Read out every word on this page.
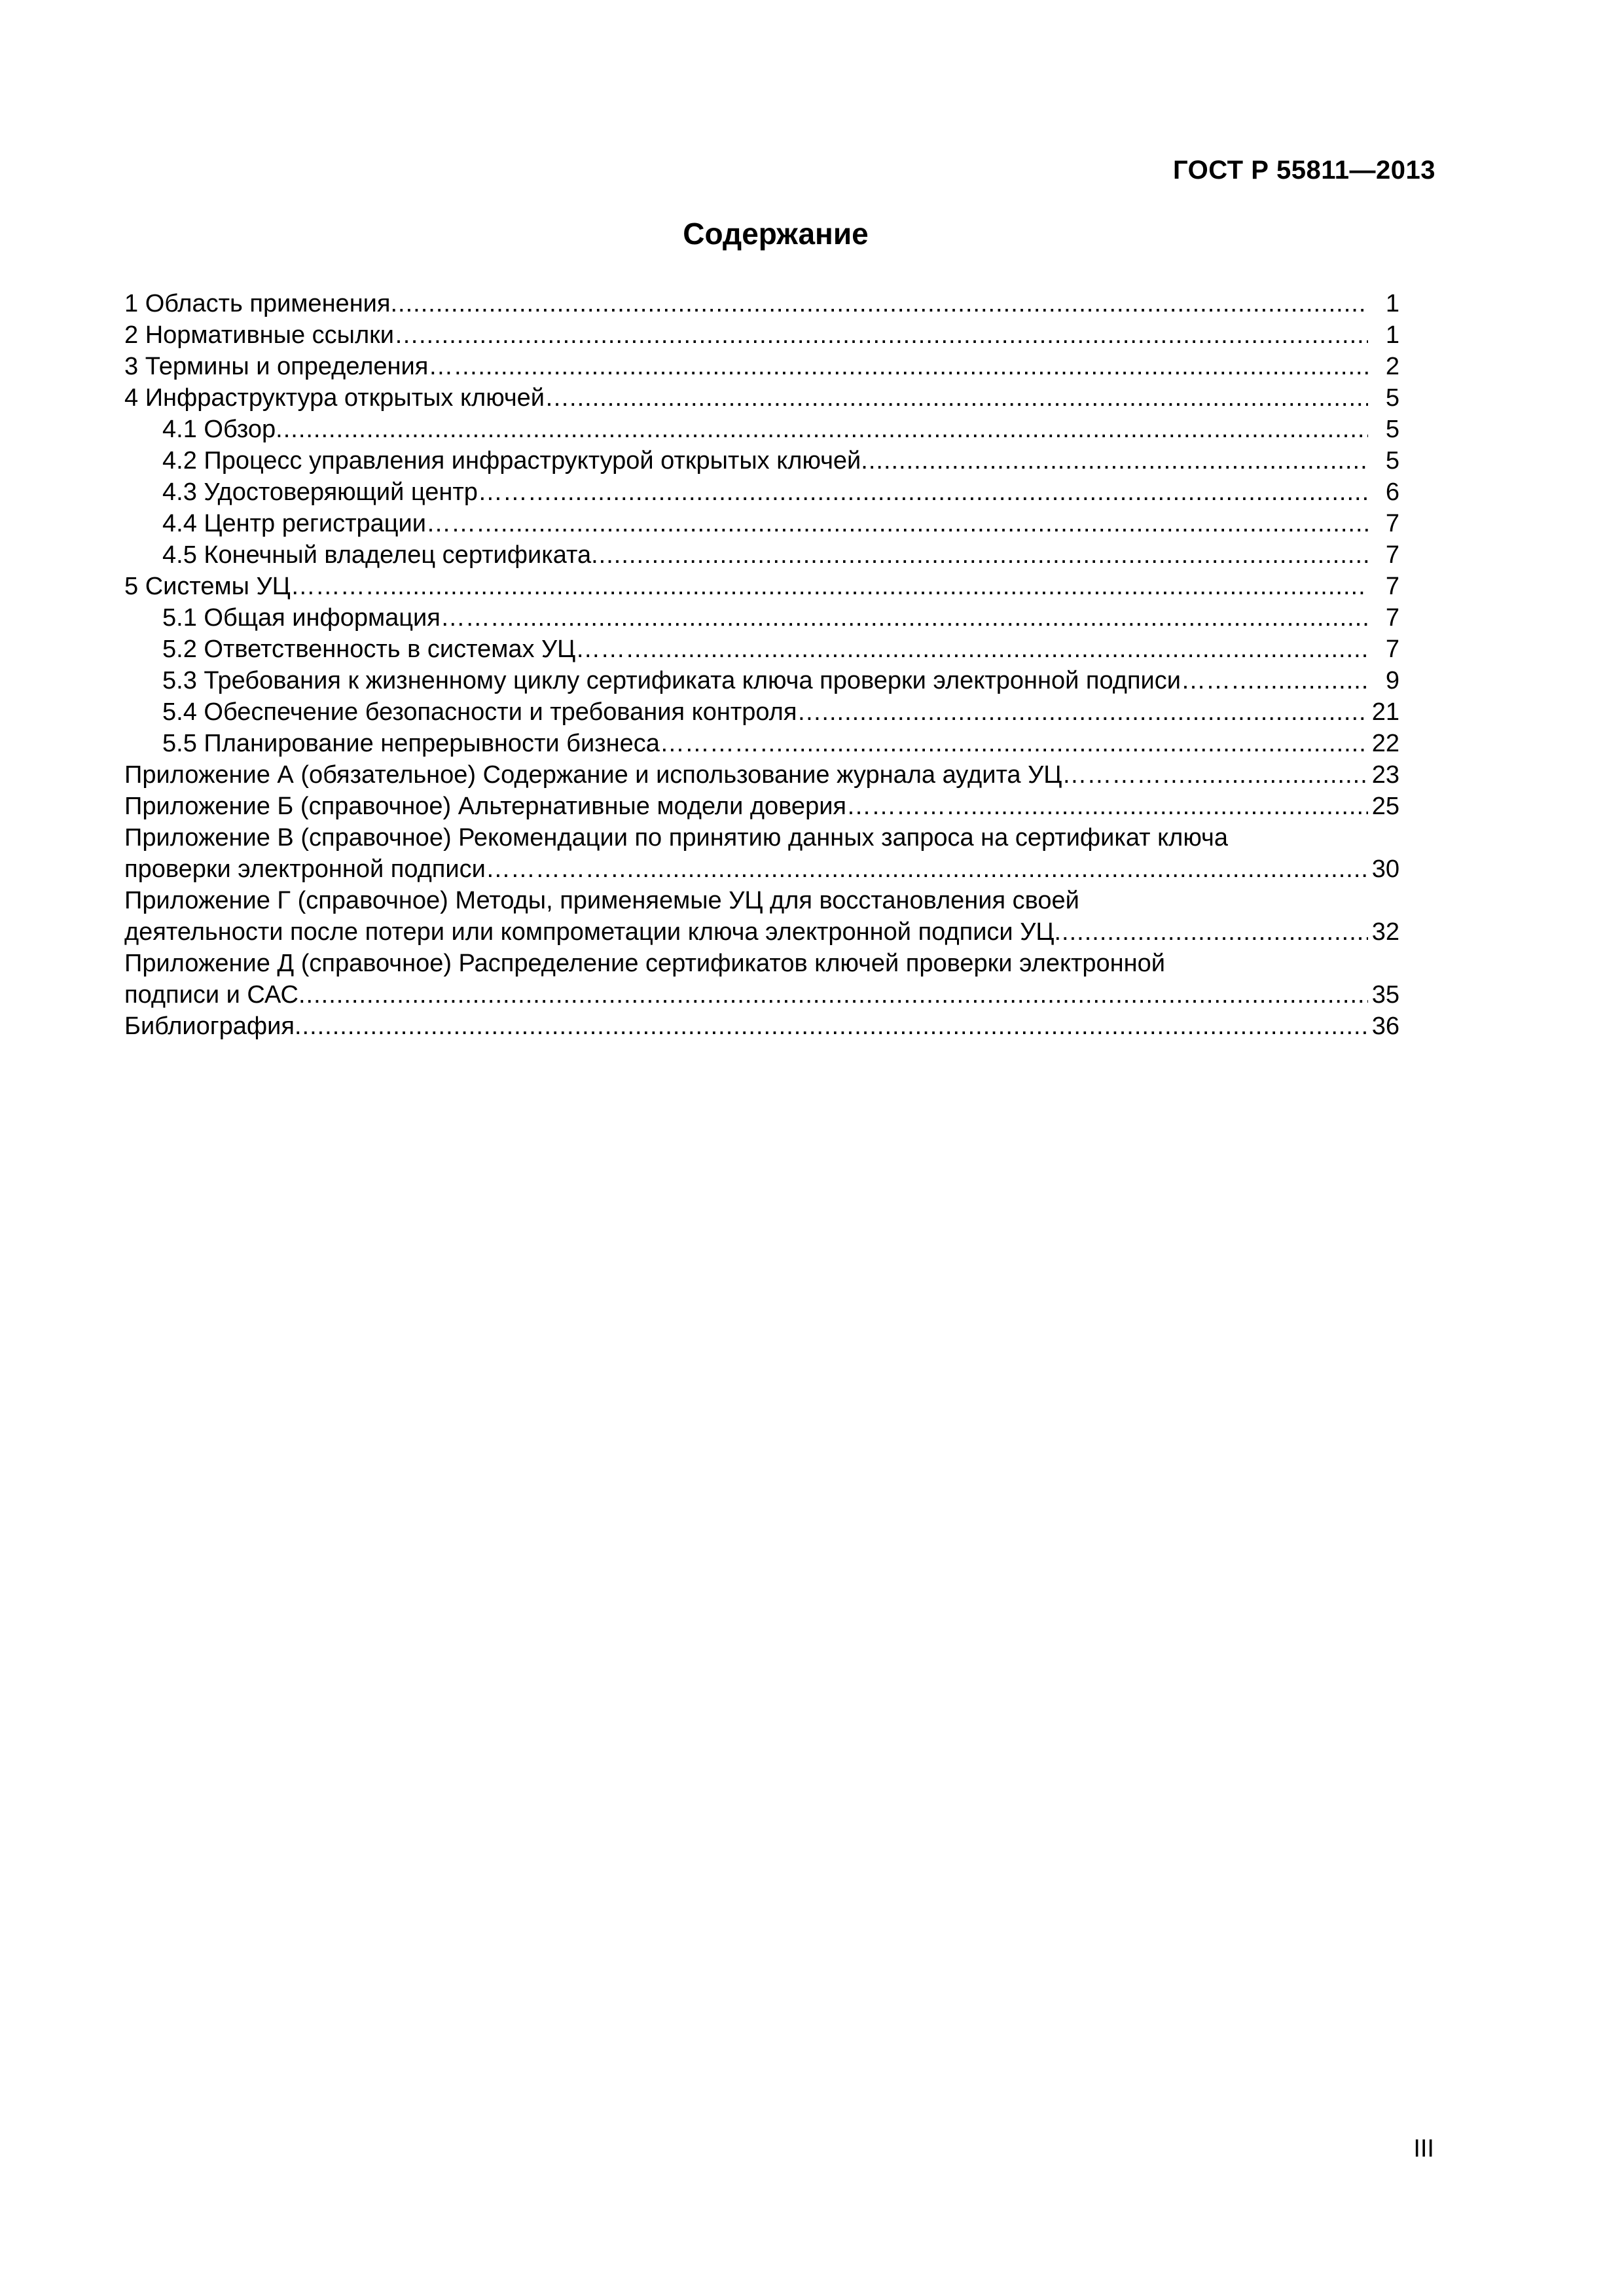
ГОСТ Р 55811—2013
Содержание
1 Область применения .....	1
2 Нормативные ссылки… .....	1
3 Термины и определения…… .....	2
4 Инфраструктура открытых ключей… .....	5
4.1 Обзор .....	5
4.2 Процесс управления инфраструктурой открытых ключей .....	5
4.3 Удостоверяющий центр……… .....	6
4.4 Центр регистрации……… .....	7
4.5 Конечный владелец сертификата .....	7
5 Системы УЦ………… .....	7
5.1 Общая информация……… .....	7
5.2 Ответственность в системах УЦ……… .....	7
5.3 Требования к жизненному циклу сертификата ключа проверки электронной подписи……… .....	9
5.4 Обеспечение безопасности и требования контроля… .....	21
5.5 Планирование непрерывности бизнеса…………… .....	22
Приложение А (обязательное) Содержание и использование журнала аудита УЦ…………… .....	23
Приложение Б (справочное) Альтернативные модели доверия…………… .....	25
Приложение В (справочное) Рекомендации по принятию данных запроса на сертификат ключа
проверки электронной подписи……………… .....	30
Приложение Г (справочное) Методы, применяемые УЦ для восстановления своей
деятельности после потери или компрометации ключа электронной подписи УЦ .....	32
Приложение Д (справочное) Распределение сертификатов ключей проверки электронной
подписи и САС .....	35
Библиография .....	36
III
